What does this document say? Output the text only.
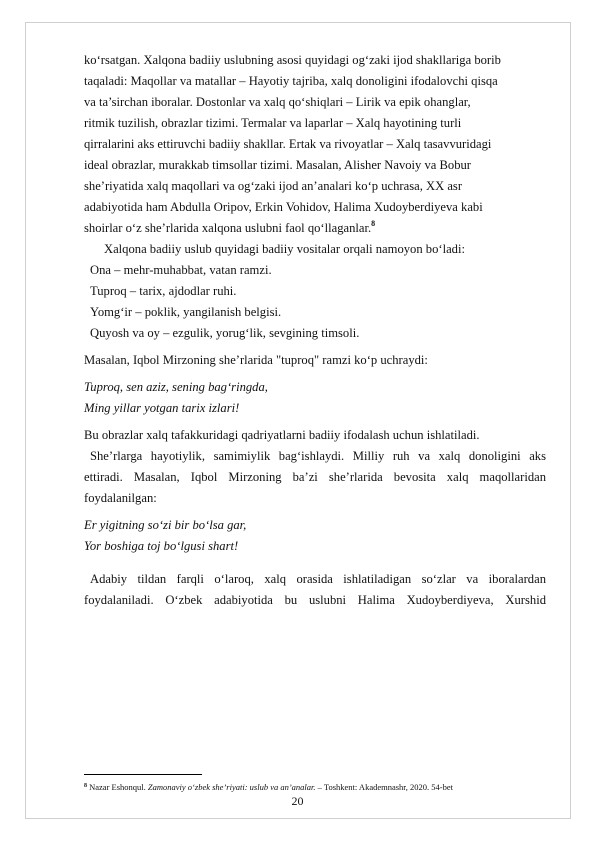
ko‘rsatgan. Xalqona badiiy uslubning asosi quyidagi og‘zaki ijod shakllariga borib
taqaladi: Maqollar va matallar – Hayotiy tajriba, xalq donoligini ifodalovchi qisqa
va ta’sirchan iboralar. Dostonlar va xalq qo‘shiqlari – Lirik va epik ohanglar,
ritmik tuzilish, obrazlar tizimi. Termalar va laparlar – Xalq hayotining turli
qirralarini aks ettiruvchi badiiy shakllar. Ertak va rivoyatlar – Xalq tasavvuridagi
ideal obrazlar, murakkab timsollar tizimi. Masalan, Alisher Navoiy va Bobur
she’riyatida xalq maqollari va og‘zaki ijod an’analari ko‘p uchrasa, XX asr
adabiyotida ham Abdulla Oripov, Erkin Vohidov, Halima Xudoyberdiyeva kabi
shoirlar o‘z she’rlarida xalqona uslubni faol qo‘llaganlar.$^8$
Xalqona badiiy uslub quyidagi badiiy vositalar orqali namoyon bo‘ladi:
Ona – mehr-muhabbat, vatan ramzi.
Tuproq – tarix, ajdodlar ruhi.
Yomg‘ir – poklik, yangilanish belgisi.
Quyosh va oy – ezgulik, yorug‘lik, sevgining timsoli.
Masalan, Iqbol Mirzoning she’rlarida "tuproq" ramzi ko‘p uchraydi:
Tuproq, sen aziz, sening bag‘ringda,
Ming yillar yotgan tarix izlari!
Bu obrazlar xalq tafakkuridagi qadriyatlarni badiiy ifodalash uchun ishlatiladi.
She’rlarga hayotiylik, samimiylik bag‘ishlaydi. Milliy ruh va xalq donoligini aks
ettiradi. Masalan, Iqbol Mirzoning ba’zi she’rlarida bevosita xalq maqollaridan
foydalanilgan:
Er yigitning so‘zi bir bo‘lsa gar,
Yor boshiga toj bo‘lgusi shart!
Adabiy tildan farqli o‘laroq, xalq orasida ishlatiladigan so‘zlar va iboralardan
foydalaniladi. O‘zbek adabiyotida bu uslubni Halima Xudoyberdiyeva, Xurshid
$^8$ Nazar Eshonqul. Zamonaviy o‘zbek she’riyati: uslub va an’analar. – Toshkent: Akademnashr, 2020. 54-bet
20
